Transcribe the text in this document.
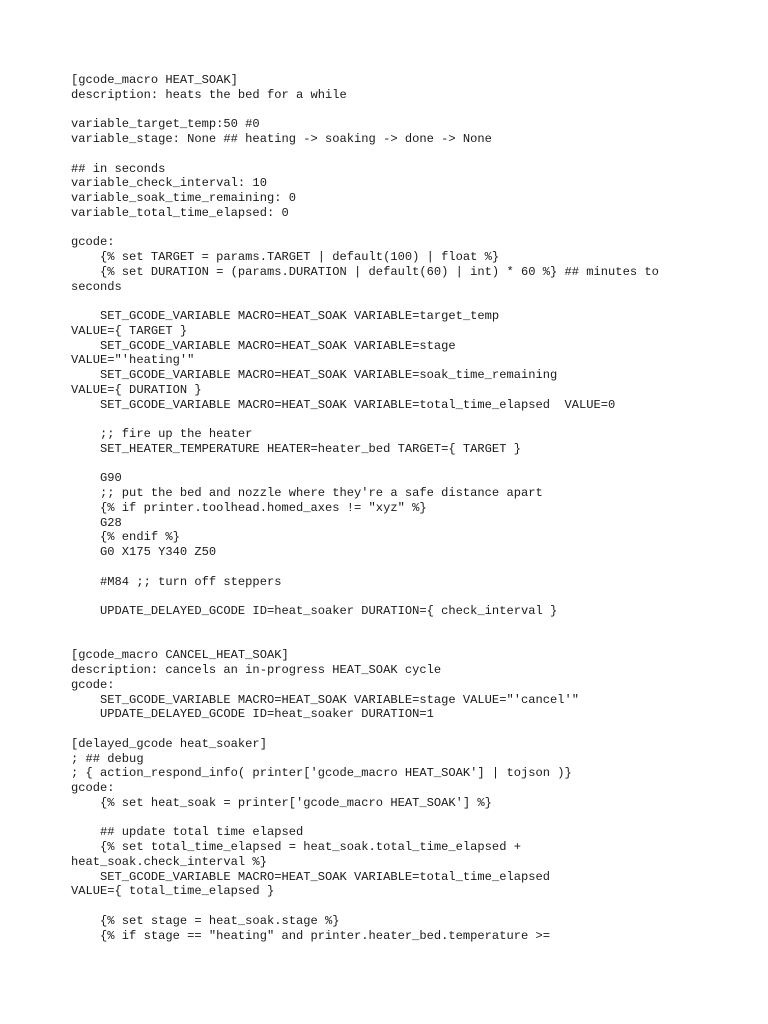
[gcode_macro HEAT_SOAK]
description: heats the bed for a while
variable_target_temp:50 #0
variable_stage: None ## heating -> soaking -> done -> None
## in seconds
variable_check_interval: 10
variable_soak_time_remaining: 0
variable_total_time_elapsed: 0
gcode:
{% set TARGET = params.TARGET | default(100) | float %}
{% set DURATION = (params.DURATION | default(60) | int) * 60 %} ## minutes to
seconds
SET_GCODE_VARIABLE MACRO=HEAT_SOAK VARIABLE=target_temp
VALUE={ TARGET }
SET_GCODE_VARIABLE MACRO=HEAT_SOAK VARIABLE=stage
VALUE="'heating'"
SET_GCODE_VARIABLE MACRO=HEAT_SOAK VARIABLE=soak_time_remaining
VALUE={ DURATION }
SET_GCODE_VARIABLE MACRO=HEAT_SOAK VARIABLE=total_time_elapsed  VALUE=0
;; fire up the heater
SET_HEATER_TEMPERATURE HEATER=heater_bed TARGET={ TARGET }
G90
;; put the bed and nozzle where they're a safe distance apart
{% if printer.toolhead.homed_axes != "xyz" %}
G28
{% endif %}
G0 X175 Y340 Z50
#M84 ;; turn off steppers
UPDATE_DELAYED_GCODE ID=heat_soaker DURATION={ check_interval }
[gcode_macro CANCEL_HEAT_SOAK]
description: cancels an in-progress HEAT_SOAK cycle
gcode:
SET_GCODE_VARIABLE MACRO=HEAT_SOAK VARIABLE=stage VALUE="'cancel'"
UPDATE_DELAYED_GCODE ID=heat_soaker DURATION=1
[delayed_gcode heat_soaker]
; ## debug
; { action_respond_info( printer['gcode_macro HEAT_SOAK'] | tojson )}
gcode:
{% set heat_soak = printer['gcode_macro HEAT_SOAK'] %}
## update total time elapsed
{% set total_time_elapsed = heat_soak.total_time_elapsed +
heat_soak.check_interval %}
SET_GCODE_VARIABLE MACRO=HEAT_SOAK VARIABLE=total_time_elapsed
VALUE={ total_time_elapsed }
{% set stage = heat_soak.stage %}
{% if stage == "heating" and printer.heater_bed.temperature >=
